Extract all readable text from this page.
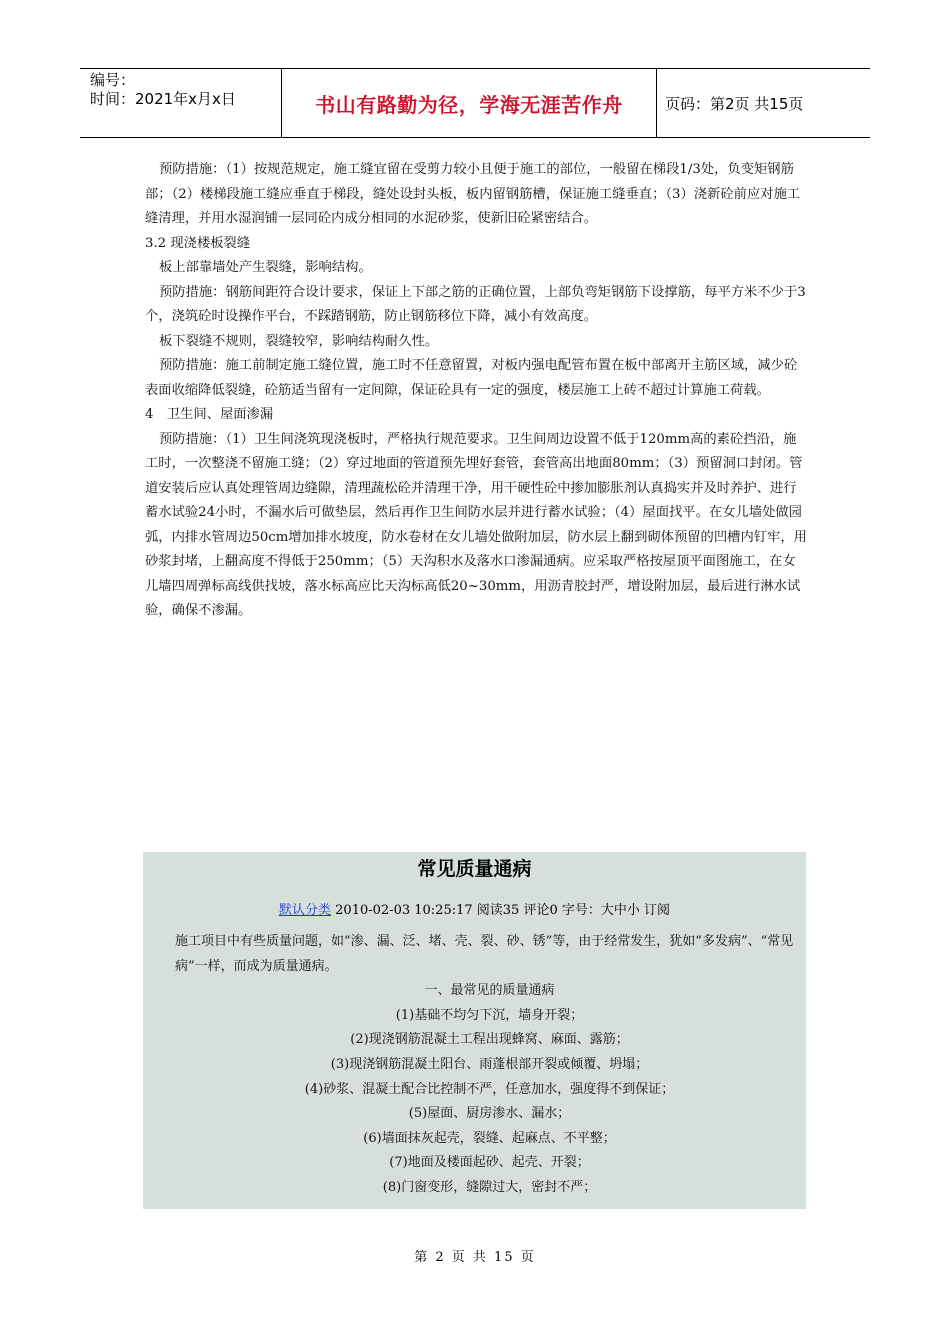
编号：
时间：2021年x月x日	书山有路勤为径，学海无涯苦作舟	页码：第2页 共15页

预防措施：（1）按规范规定，施工缝宜留在受剪力较小且便于施工的部位，一般留在梯段1/3处，负变矩钢筋部；（2）楼梯段施工缝应垂直于梯段，缝处设封头板，板内留钢筋槽，保证施工缝垂直；（3）浇新砼前应对施工缝清理，并用水湿润铺一层同砼内成分相同的水泥砂浆，使新旧砼紧密结合。

3.2 现浇楼板裂缝

板上部靠墙处产生裂缝，影响结构。

预防措施：钢筋间距符合设计要求，保证上下部之筋的正确位置，上部负弯矩钢筋下设撑筋，每平方米不少于3个，浇筑砼时设操作平台，不踩踏钢筋，防止钢筋移位下降，减小有效高度。

板下裂缝不规则，裂缝较窄，影响结构耐久性。

预防措施：施工前制定施工缝位置，施工时不任意留置，对板内强电配管布置在板中部离开主筋区域，减少砼表面收缩降低裂缝，砼筋适当留有一定间隙，保证砼具有一定的强度，楼层施工上砖不超过计算施工荷载。

4　卫生间、屋面渗漏

预防措施：（1）卫生间浇筑现浇板时，严格执行规范要求。卫生间周边设置不低于120mm高的素砼挡沿，施工时，一次整浇不留施工缝；（2）穿过地面的管道预先埋好套管，套管高出地面80mm；（3）预留洞口封闭。管道安装后应认真处理管周边缝隙，清理蔬松砼并清理干净，用干硬性砼中掺加膨胀剂认真捣实并及时养护、进行蓄水试验24小时，不漏水后可做垫层，然后再作卫生间防水层并进行蓄水试验；（4）屋面找平。在女儿墙处做园弧，内排水管周边50cm增加排水坡度，防水卷材在女儿墙处做附加层，防水层上翻到砌体预留的凹槽内钉牢，用砂浆封堵，上翻高度不得低于250mm；（5）天沟积水及落水口渗漏通病。应采取严格按屋顶平面图施工，在女儿墙四周弹标高线供找坡，落水标高应比天沟标高低20~30mm，用沥青胶封严，增设附加层，最后进行淋水试验，确保不渗漏。

常见质量通病
默认分类 2010-02-03 10:25:17 阅读35 评论0 字号：大中小 订阅

施工项目中有些质量问题，如“渗、漏、泛、堵、壳、裂、砂、锈”等，由于经常发生，犹如“多发病”、“常见病”一样，而成为质量通病。

一、最常见的质量通病

(1)基础不均匀下沉，墙身开裂；

(2)现浇钢筋混凝土工程出现蜂窝、麻面、露筋；

(3)现浇钢筋混凝土阳台、雨蓬根部开裂或倾覆、坍塌；

(4)砂浆、混凝土配合比控制不严，任意加水，强度得不到保证；

(5)屋面、厨房渗水、漏水；

(6)墙面抹灰起壳，裂缝、起麻点、不平整；

(7)地面及楼面起砂、起壳、开裂；

(8)门窗变形，缝隙过大，密封不严；

第 2 页 共 15 页
